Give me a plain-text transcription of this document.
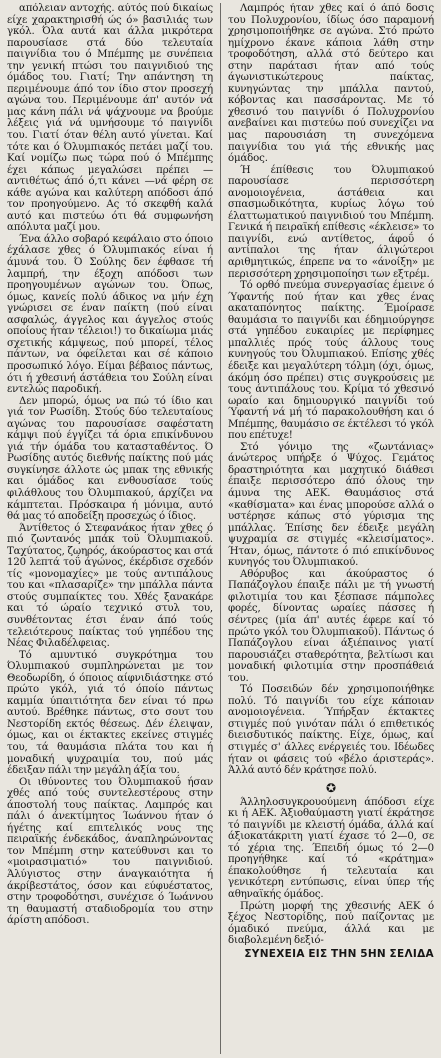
απόλειαν αντοχής. αύτός πού δικαίως είχε χαρακτηρισθή ώς ό» βασιλιάς των γκόλ. Όλα αυτά και άλλα μικρότερα παρουσίασε στά δύο τελευταία παιγνίδια του ό Μπέμπης με συνέπεια την γενική πτώσι του παιγνιδιού της όμάδος του. Γιατί; Την απάντηση τη περιμένουμε άπό τον ίδιο στον προσεχή αγώνα του. Περιμένουμε άπ' αυτόν νά μας κάνη πάλι νά ψάχνουμε να βρούμε λέξεις γιά νά υμνήσουμε τό παιγνίδι του. Γιατί όταν θέλη αυτό γίνεται. Καί τότε και ό Όλυμπιακός πετάει μαζί του. Καί νομίζω πως τώρα πού ό Μπέμπης έχει κάπως μεγαλώσει πρέπει —αντιθέτως άπό ό,τι κάνει —νά φέρη σε κάθε αγώνα και καλύτερη απόδοσι άπό τον προηγούμενο. Ας τό σκεφθή καλά αυτό και πιστεύω ότι θά συμφωνήση απόλυτα μαζί μου.

Ένα άλλο σοβαρό κεφάλαιο στο όποιο έχάλασε χθες ό Όλυμπιακός είναι ή άμυνά του. Ό Σούλης δεν έφθασε τή λαμπρή, την έξοχη απόδοσι των προηγουμένων αγώνων του. Όπως, όμως, κανείς πολύ άδικος να μήν έχη γνώρισει σε έναν παίκτη (πού είναι ασφαλώς, άγγελος και άγγελος στούς οποίους ήταν τέλειοι!) το δικαίωμα μιάς σχετικής κάμψεως, πού μπορεί, τέλος πάντων, να όφείλεται και σέ κάποιο προσωπικό λόγο. Είμαι βέβαιος πάντως, ότι ή χθεσινή άστάθεια του Σούλη είναι εντελώς παροδική.

Δεν μπορώ, όμως να πώ τό ίδιο και γιά τον Ρωσίδη. Στούς δύο τελευταίους αγώνας του παρουσίασε σαφέστατη κάμψι πού έγγίζει τά όρια επικίνδυνου γιά τήν όμάδα του κατασταθέντος. Ό Ρωσίδης αυτός διεθνής παίκτης πού μάς συγκίνησε άλλοτε ώς μπακ της εθνικής και όμάδος και ενθουσίασε τούς φιλάθλους του Όλυμπιακού, άρχίζει να κάμπτεται. Πρόσκαιρα ή μόνιμα, αυτό θά μας τό αποδείξη προσεχώς ό ίδιος.

Άντίθετος ό Στεφανάκος ήταν χθες ό πιό ζωντανός μπάκ τοϋ Όλυμπιακοΰ. Ταχύτατος, ζωηρός, άκούραστος και στά 120 λεπτά τοΰ άγώνος, έκέρδισε σχεδόν τίς «μονομαχίες» με τούς αντιπάλους του και «πλασαρίζε» την μπάλλα πάντα στούς συμπαίκτες του. Χθές ξανακάρε και τό ώραίο τεχνικό στυλ του, συνθέτοντας έτσι έναν άπό τούς τελειότερους παίκτας τού γηπέδου της Νέας Φιλαδέλφειας.

Τό αμυντικό συγκρότημα του Όλυμπιακού συμπληρώνεται με τον Θεοδωρίδη, ό όποιος αίφνιδιάστηκε στό πρώτο γκόλ, γιά τό όποίο πάντως καμμία ύπαιτιότητα δεν είναι τό πρω αυτού. Βρέθηκε πάντως, στο σουτ του Νεστορίδη εκτός θέσεως. Δέν έλειψαν, όμως, και οι έκτακτες εκείνες στιγμές του, τά θαυμάσια πλάτα του και ή μοναδική ψυχραιμία του, πού μάς έδειξαν πάλι την μεγάλη άξία του.

Οι ιθύνοντες του Όλυμπιακοΰ ήσαν χθές από τούς συντελεστέρους στην άποστολή τους παίκτας. Λαμπρός και πάλι ό άνεκτίμητος Ίωάννου ήταν ό ήγέτης καί επιτελικός νους της πειραϊκής ένδεκάδος, άναπληρώνοντας τον Μπέμπη στην κατεύθυνσι και το «μοιρασιματιό» του παιγνιδιού. Άλύγιστος στην άναγκαιότητα ή άκρίβεστάτος, όσον και εύφυέστατος, στην τροφοδότησι, συνέχισε ό Ίωάννου τη θαυμαστή σταδιοδρομία του στην άρίστη απόδοσι.

Λαμπρός ήταν χθες καί ό άπό δοσις του Πολυχρονίου, ίδίως όσο παραμονή χρησιμοποιήθηκε σε αγώνα. Στό πρώτο ημίχρονο έκανε κάποια λάθη στην τροφοδότηση, αλλά στό δεύτερο και στην παράτασι ήταν από τούς άγωνιστικώτερους παίκτας, κυνηγώντας την μπάλλα παντού, κόβοντας και πασσάροντας. Με τό χθεσινό του παιγνίδι ό Πολυχρονίου ανεβαίνει και πιστεύω πού συνεχίζει να μας παρουσιάση τη συνεχόμενα παιγνίδια του γιά τής εθνικής μας όμάδος.

Ή έπίθεσις του Όλυμπιακού παρουσίασε περισσότερη ανομοιογένεια, άστάθεια και σπασμωδικότητα, κυρίως λόγω τού έλαττωματικού παιγνιδιού του Μπέμπη. Γενικά ή πειραϊκή επίθεσις «έκλεισε» το παιγνίδι, ενώ αντίθετος, άφοΰ ό αντίπαλοι της ήταν άλιγώτεροι αριθμητικώς, έπρεπε να το «άνοίξη» με περισσότερη χρησιμοποίησι των εξτρέμ.

Τό ορθό πνεύμα συνεργασίας έμεινε ό Ύφαντής πού ήταν και χθες ένας ακαταπόνητος παίκτης. Έμοίρασε θαυμάσια το παιγνίδι και έδημιούργησε στά γηπέδου ευκαιρίες με περίφημες μπαλλιές πρός τούς άλλους τους κυνηγούς του Όλυμπιακού. Επίσης χθές έδειξε και μεγαλύτερη τόλμη (όχι, όμως, άκόμη όσο πρέπει) στις συγκρούσεις με τους άντιπάλους του. Κρίμα τό χθεσινό ωραίο και δημιουργικό παιγνίδι τού Ύφαντή νά μή τό παρακολουθήση και ό Μπέμπης, θαυμάσιο σε έκτέλεσι τό γκόλ που επέτυχε!

Στό γόνιμο της «ζωντάνιας» άνώτερος υπήρξε ό Ψύχος. Γεμάτος δραστηριότητα και μαχητικό διάθεσι έπαιξε περισσότερο άπό όλους την άμυνα της ΑΕΚ. Θαυμάσιος στά «καθίσματα» και ένας μπορούσε αλλά ο υστέρησε κάπως στό γύρισμα της μπάλλας. Έπίσης δεν έδειξε μεγάλη ψυχραμία σε στιγμές «κλεισίματος». Ήταν, όμως, πάντοτε ό πιό επικίνδυνος κυνηγός του Όλυμπιακού.

Αθόρυβος και άκούραστος ό Παπάζογλου έπαιξε πάλι με τή γνωστή φιλοτιμία του και ξέσπασε πάμπολες φορές, δίνοντας ωραίες πάσσες ή σέντρες (μία άπ' αυτές έφερε καί τό πρώτο γκόλ του Όλυμπιακοΰ). Πάντως ό Παπάζογλου είναι άξιέπαινος γιατί παρουσιάζει σταθερότητα, βελτίωσι και μοναδική φιλοτιμία στην προσπάθειά του.

Τό Ποσειδών δέν χρησιμοποιήθηκε πολύ. Τό παιγνίδι του είχε κάποιαν ανομοιογένεια. Ύπήρξαν έκτακτες στιγμές πού γινόταν πάλι ό επιθετικός διεισδυτικός παίκτης. Είχε, όμως, καί στιγμές σ' άλλες ενέργειές του. Ιδέωδες ήταν οι φάσεις τού «βέλο άριστεράς». Άλλά αυτό δέν κράτησε πολύ.

✪

Άλληλοσυγκρουούμενη άπόδοσι είχε κι ή ΑΕΚ. Άξιοθαύμαστη γιατί έκράτησε τό παιγνίδι με κλειστή όμάδα, άλλά καί άξιοκατάκριτη γιατί έχασε τό 2—0, σε τό χέρια της. Έπειδή όμως τό 2—0 προηγήθηκε καί τό «κράτημα» έπακολούθησε ή τελευταία και γενικότερη εντύπωσις, είναι ύπερ τής αθηναϊκής όμάδος.

Πρώτη μορφή της χθεσινής ΑΕΚ ό ξέχος Νεστορίδης, πού παίζοντας με όμαδικό πνεύμα, άλλά και με διαβολεμένη δεξιό-

ΣΥΝΕΧΕΙΑ ΕΙΣ ΤΗΝ 5ΗΝ ΣΕΛΙΔΑ
